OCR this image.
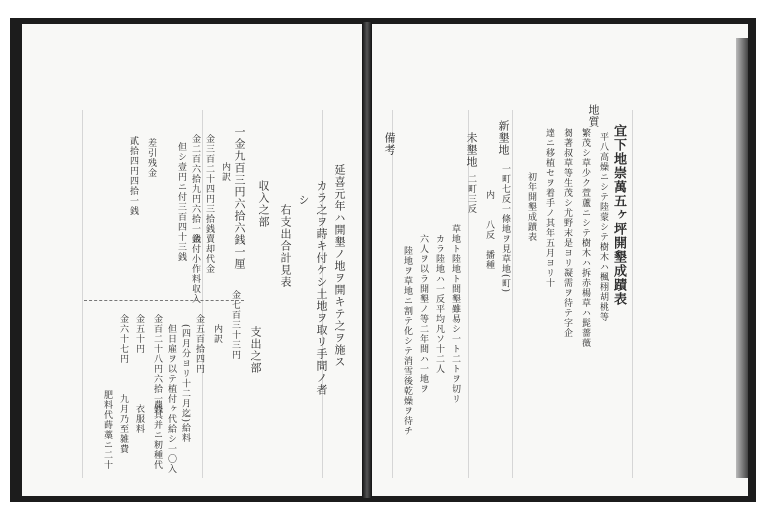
延喜元年ハ開墾ノ地ヲ開キテ之ヲ施ス
カラ之ヲ蒔キ付ケシ土地ヲ取リ手間ノ者
シ
右支出合計見表
収入之部
一金九百三円六拾六銭一厘
内訳
金三百二十四円三拾銭
金二百六拾九円六拾一銭
但シ壹円ニ付三百四十三銭 賣却代金
金付小作料収入
差引残金
貳拾四円四拾一銭
支出之部
金七百三十三円
内訳
金五百拾四円
金百二十八円六拾一銭
金五十円
金六十七円	(四月分ヨリ十二月迄)給料
但日雇ヲ以テ植付ヶ代給シ一〇入
農具并ニ籾種代
衣服料
九月乃至雑費
肥料代蒔藁ニ二十
宜下地崇萬五ヶ坪開墾成蹟表
地質
平八高燥ニシテ陸蒙シテ樹木ハ楓栩胡桃等
繁茂シ草少ク萱蘆ニシテ樹木ハ拆赤楊草ハ髭薔薇
芻著叔草等生茂シ尤野末是ヨリ凝需ヲ待テ字企
達ニ移植セヲ着手ノ其年五月ヨリ十
初年開墾成蹟表
新墾地
一町七反一條地ヲ見草地(町)
内
八反
播種
未墾地
二町三反
草地ト陸地ト間墾雖易シ一ト二トヲ切リ
カラ陸地ハ一反平均凡ソ十二人
六人ヲ以ラ開墾ノ等二年間ハ一地ヲ
陸地ヲ草地ニ割テ化シテ消雪後乾燥ヲ待チ
備考
